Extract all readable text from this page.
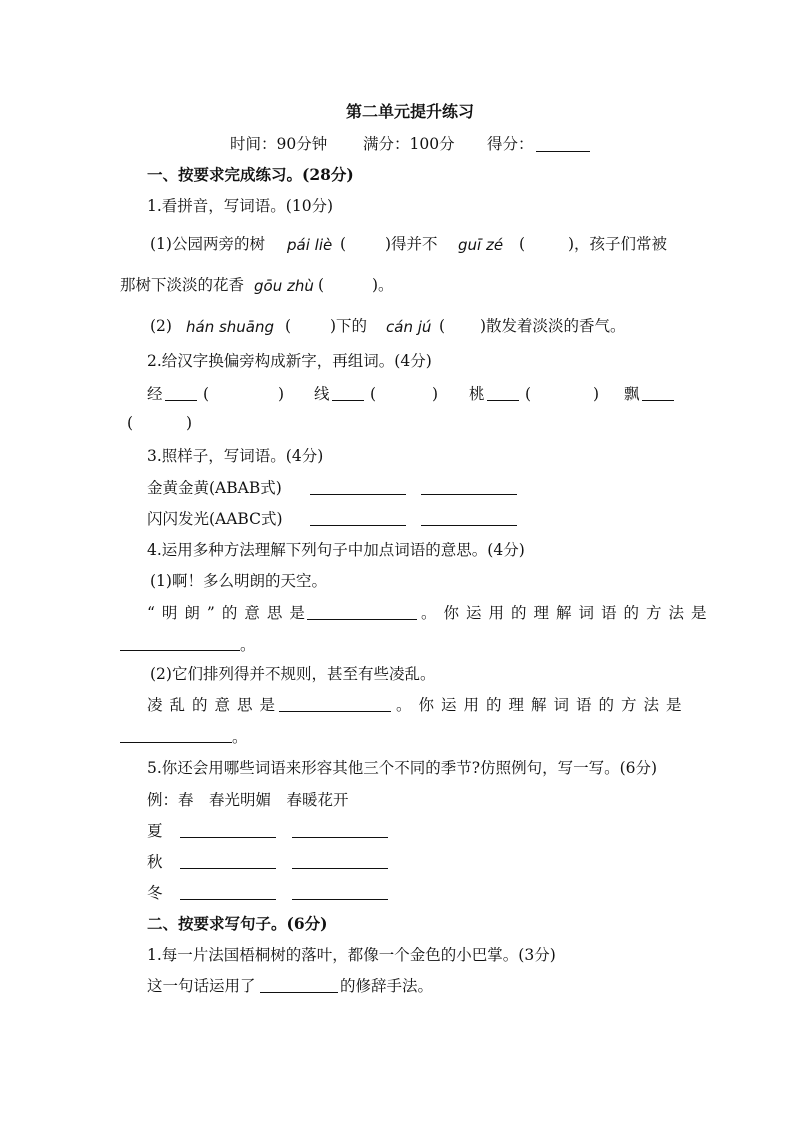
第二单元提升练习
时间：90分钟 满分：100分 得分：
一、按要求完成练习。(28分)
1.看拼音，写词语。(10分)
(1)公园两旁的树 pái liè (	)得并不 guī zé (	)，孩子们常被
那树下淡淡的花香 gōu zhù (	)。
(2) hán shuāng (	)下的 cán jú ( )散发着淡淡的香气。
2.给汉字换偏旁构成新字，再组词。(4分)
经	(	) 线	(	) 桃	(	) 飘
(	)
3.照样子，写词语。(4分)
金黄金黄(ABAB式)
闪闪发光(AABC式)
4.运用多种方法理解下列句子中加点词语的意思。(4分)
(1)啊！多么明朗的天空。
“明朗”的意思是	。你运用的理解词语的方法是
。
(2)它们排列得并不规则，甚至有些凌乱。
凌乱的意思是	。你运用的理解词语的方法是
。
5.你还会用哪些词语来形容其他三个不同的季节?仿照例句，写一写。(6分)
例：春　春光明媚　春暖花开
夏
秋
冬
二、按要求写句子。(6分)
1.每一片法国梧桐树的落叶，都像一个金色的小巴掌。(3分)
这一句话运用了	的修辞手法。
